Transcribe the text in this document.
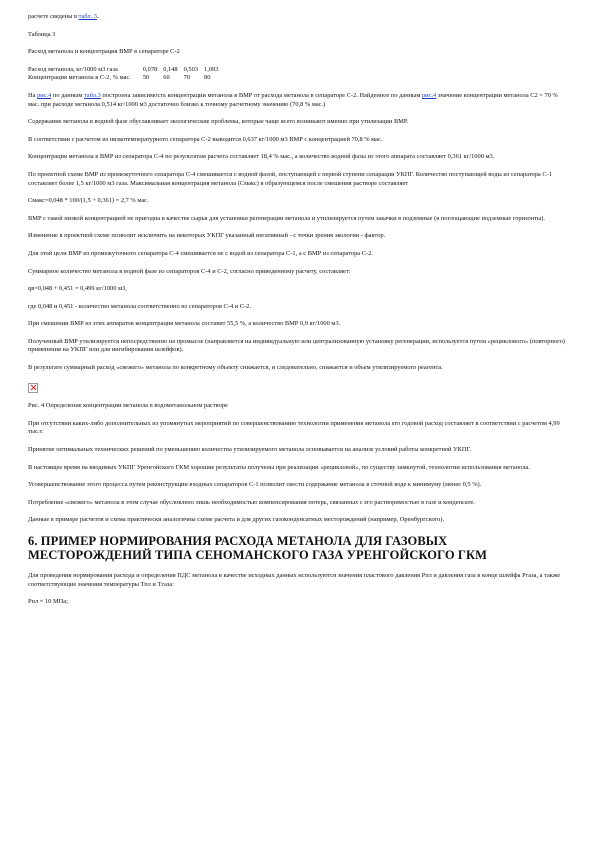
расчете сведены в табл. 3.

Таблица 3

Расход метанола и концентрация ВМР в сепараторе С-2

Расход метанола, кг/1000 м3 газа	0,078	0,148	0,503	1,093
Концентрация метанола в С-2, % мас.	50	60	70	80

На рис.4 по данным табл.3 построена зависимость концентрации метанола в ВМР от расхода метанола в сепараторе С-2. Найденное по данным рис.4 значение концентрации метанола С2 = 70 % мас. при расходе метанола 0,514 кг/1000 м3 достаточно близко к точному расчетному значению (70,8 % мас.)

Содержание метанола в водной фазе обуславливает экологические проблемы, которые чаще всего возникают именно при утилизации ВМР.

В соответствии с расчетом из низкотемпературного сепаратора С-2 выводится 0,637 кг/1000 м3 ВМР с концентрацией 70,8 % мас.

Концентрация метанола в ВМР из сепаратора С-4 по результатам расчета составляет 18,4 % мас., а количество водной фазы из этого аппарата составляет 0,361 кг/1000 м3.

По проектной схеме ВМР из промежуточного сепаратора С-4 смешивается с водной фазой, поступающей с первой ступени сепарации УКПГ. Количество поступающей воды из сепаратора С-1 составляет более 1,5 кг/1000 м3 газа. Максимальная концентрация метанола (Смакс) в образующемся после смешения растворе составляет

Смакс=0,048 * 100/(1,5 + 0,361) = 2,7 % мас.

ВМР с такой низкой концентрацией не пригодна в качестве сырья для установки регенерации метанола и утилизируется путем закачки в подземные (в поглощающие подземные горизонты).

Изменение в проектной схеме позволит исключить на некоторых УКПГ указанный негативный - с точки зрения экологии - фактор.

Для этой цели ВМР из промежуточного сепаратора С-4 смешивается не с водой из сепаратора С-1, а с ВМР из сепаратора С-2.

Суммарное количество метанола в водной фазе из сепараторов С-4 и С-2, согласно приведенному расчету, составляет:

qв=0,048 + 0,451 = 0,499 кг/1000 м3,

где 0,048 и 0,451 - количество метанола соответственно из сепараторов С-4 и С-2.

При смешении ВМР из этих аппаратов концентрация метанола составит 55,5 %, а количество ВМР 0,9 кг/1000 м3.

Полученный ВМР утилизируется непосредственно на промысле (направляется на индивидуальную или централизованную установку регенерации, используется путем «рециклового» (повторного) применения на УКПГ или для ингибирования шлейфов).

В результате суммарный расход «свежего» метанола по конкретному объекту снижается, и следовательно, снижается и объем утилизируемого реагента.

Рис. 4 Определение концентрации метанола в водометанольном растворе

При отсутствии каких-либо дополнительных из упомянутых мероприятий по совершенствованию технологии применения метанола его годовой расход составляет в соответствии с расчетом 4,99 тыс.т.

Принятие оптимальных технических решений по уменьшению количества утилизируемого метанола основывается на анализе условий работы конкретной УКПГ.

В настоящее время на вводимых УКПГ Уренгойского ГКМ хорошие результаты получены при реализации «рецикловой», по существу замкнутой, технологии использования метанола.

Усовершенствование этого процесса путем реконструкции входных сепараторов С-1 позволит свести содержание метанола в сточной воде к минимуму (менее 0,5 %).

Потребление «свежего» метанола в этом случае обусловлено лишь необходимостью компенсирования потерь, связанных с его растворимостью в газе и конденсате.

Данные в примере расчетов и схема практически аналогичны схеме расчета и для других газоконденсатных месторождений (например, Оренбургского).

6. ПРИМЕР НОРМИРОВАНИЯ РАСХОДА МЕТАНОЛА ДЛЯ ГАЗОВЫХ МЕСТОРОЖДЕНИЙ ТИПА СЕНОМАНСКОГО ГАЗА УРЕНГОЙСКОГО ГКМ

Для проведения нормирования расхода и определения ПДС метанола в качестве исходных данных используются значения пластового давления Рпл и давления газа в конце шлейфа Ргаза, а также соответствующие значения температуры Тпл и Тгаза:

Рпл = 10 МПа;
